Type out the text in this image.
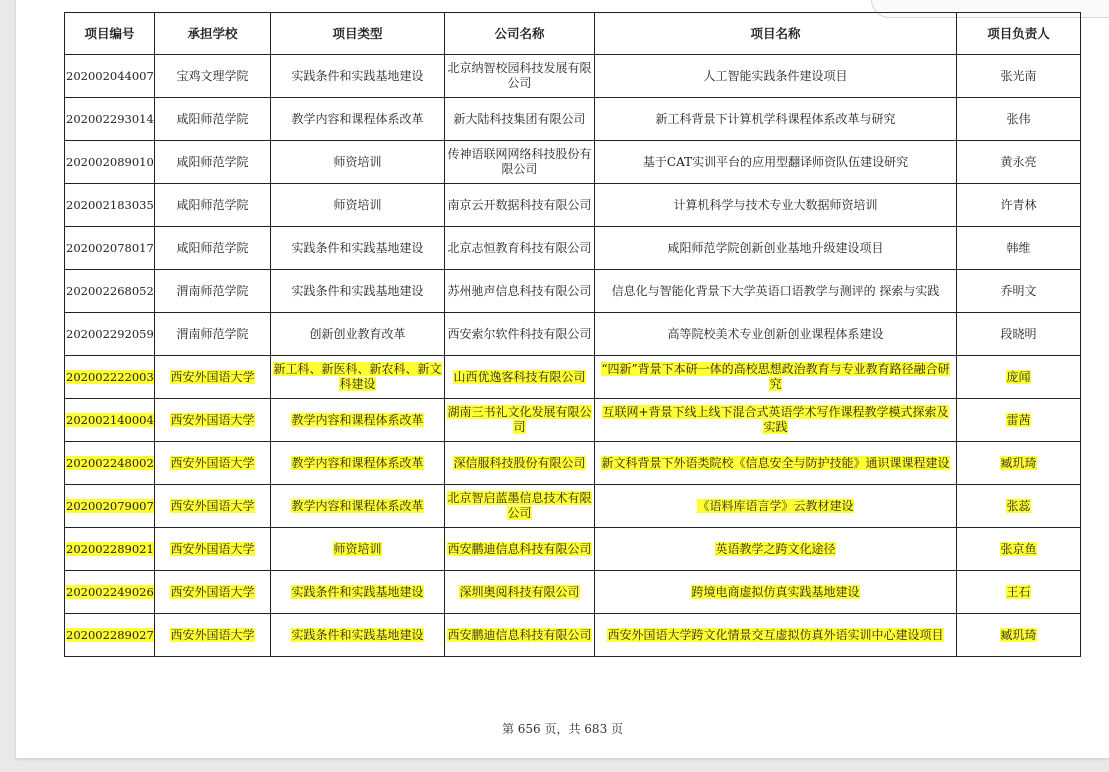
项目编号	承担学校	项目类型	公司名称	项目名称	项目负责人
202002044007	宝鸡文理学院	实践条件和实践基地建设	北京纳智校园科技发展有限公司	人工智能实践条件建设项目	张光南
202002293014	咸阳师范学院	教学内容和课程体系改革	新大陆科技集团有限公司	新工科背景下计算机学科课程体系改革与研究	张伟
202002089010	咸阳师范学院	师资培训	传神语联网网络科技股份有限公司	基于CAT实训平台的应用型翻译师资队伍建设研究	黄永亮
202002183035	咸阳师范学院	师资培训	南京云开数据科技有限公司	计算机科学与技术专业大数据师资培训	许青林
202002078017	咸阳师范学院	实践条件和实践基地建设	北京志恒教育科技有限公司	咸阳师范学院创新创业基地升级建设项目	韩维
202002268052	渭南师范学院	实践条件和实践基地建设	苏州驰声信息科技有限公司	信息化与智能化背景下大学英语口语教学与测评的 探索与实践	乔明文
202002292059	渭南师范学院	创新创业教育改革	西安索尔软件科技有限公司	高等院校美术专业创新创业课程体系建设	段晓明
202002222003	西安外国语大学	新工科、新医科、新农科、新文科建设	山西优逸客科技有限公司	“四新”背景下本研一体的高校思想政治教育与专业教育路径融合研究	庞闻
202002140004	西安外国语大学	教学内容和课程体系改革	湖南三书礼文化发展有限公司	互联网+背景下线上线下混合式英语学术写作课程教学模式探索及实践	雷茜
202002248002	西安外国语大学	教学内容和课程体系改革	深信服科技股份有限公司	新文科背景下外语类院校《信息安全与防护技能》通识课课程建设	臧玑琦
202002079007	西安外国语大学	教学内容和课程体系改革	北京智启蓝墨信息技术有限公司	《语料库语言学》云教材建设	张蕊
202002289021	西安外国语大学	师资培训	西安鹏迪信息科技有限公司	英语教学之跨文化途径	张京鱼
202002249026	西安外国语大学	实践条件和实践基地建设	深圳奥阅科技有限公司	跨境电商虚拟仿真实践基地建设	王石
202002289027	西安外国语大学	实践条件和实践基地建设	西安鹏迪信息科技有限公司	西安外国语大学跨文化情景交互虚拟仿真外语实训中心建设项目	臧玑琦
第 656 页，共 683 页
